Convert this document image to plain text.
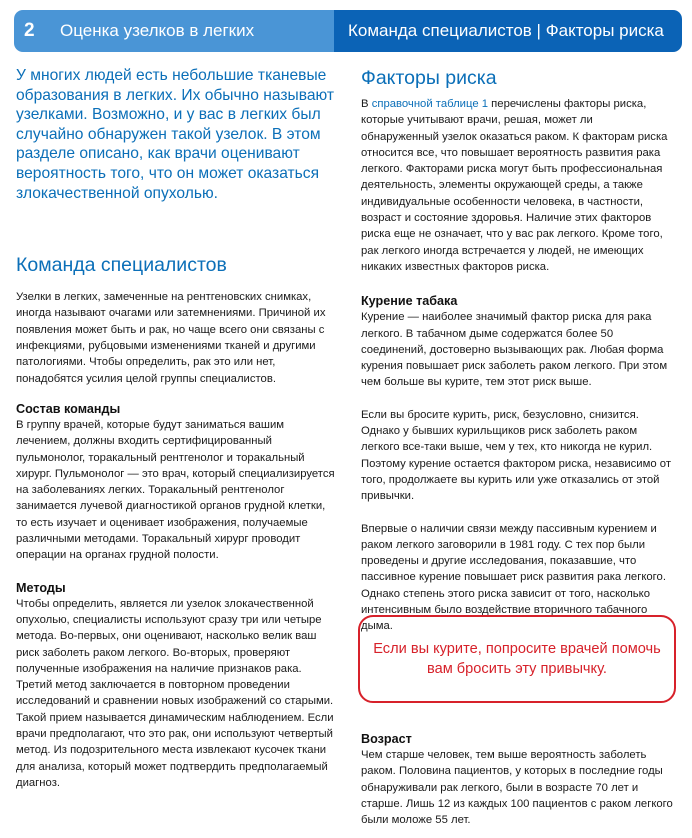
2	Оценка узелков в легких	Команда специалистов | Факторы риска

У многих людей есть небольшие тканевые образования в легких. Их обычно называют узелками. Возможно, и у вас в легких был случайно обнаружен такой узелок. В этом разделе описано, как врачи оценивают вероятность того, что он может оказаться злокачественной опухолью.

Команда специалистов

Узелки в легких, замеченные на рентгеновских снимках, иногда называют очагами или затемнениями. Причиной их появления может быть и рак, но чаще всего они связаны с инфекциями, рубцовыми изменениями тканей и другими патологиями. Чтобы определить, рак это или нет, понадобятся усилия целой группы специалистов.

Состав команды

В группу врачей, которые будут заниматься вашим лечением, должны входить сертифицированный пульмонолог, торакальный рентгенолог и торакальный хирург. Пульмонолог — это врач, который специализируется на заболеваниях легких. Торакальный рентгенолог занимается лучевой диагностикой органов грудной клетки, то есть изучает и оценивает изображения, получаемые различными методами. Торакальный хирург проводит операции на органах грудной полости.

Методы

Чтобы определить, является ли узелок злокачественной опухолью, специалисты используют сразу три или четыре метода. Во-первых, они оценивают, насколько велик ваш риск заболеть раком легкого. Во-вторых, проверяют полученные изображения на наличие признаков рака. Третий метод заключается в повторном проведении исследований и сравнении новых изображений со старыми. Такой прием называется динамическим наблюдением. Если врачи предполагают, что это рак, они используют четвертый метод. Из подозрительного места извлекают кусочек ткани для анализа, который может подтвердить предполагаемый диагноз.

Факторы риска

В справочной таблице 1 перечислены факторы риска, которые учитывают врачи, решая, может ли обнаруженный узелок оказаться раком. К факторам риска относится все, что повышает вероятность развития рака легкого. Факторами риска могут быть профессиональная деятельность, элементы окружающей среды, а также индивидуальные особенности человека, в частности, возраст и состояние здоровья. Наличие этих факторов риска еще не означает, что у вас рак легкого. Кроме того, рак легкого иногда встречается у людей, не имеющих никаких известных факторов риска.

Курение табака

Курение — наиболее значимый фактор риска для рака легкого. В табачном дыме содержатся более 50 соединений, достоверно вызывающих рак. Любая форма курения повышает риск заболеть раком легкого. При этом чем больше вы курите, тем этот риск выше.

Если вы бросите курить, риск, безусловно, снизится. Однако у бывших курильщиков риск заболеть раком легкого все-таки выше, чем у тех, кто никогда не курил. Поэтому курение остается фактором риска, независимо от того, продолжаете вы курить или уже отказались от этой привычки.

Впервые о наличии связи между пассивным курением и раком легкого заговорили в 1981 году. С тех пор были проведены и другие исследования, показавшие, что пассивное курение повышает риск развития рака легкого. Однако степень этого риска зависит от того, насколько интенсивным было воздействие вторичного табачного дыма.

Если вы курите, попросите врачей помочь вам бросить эту привычку.
Возраст

Чем старше человек, тем выше вероятность заболеть раком. Половина пациентов, у которых в последние годы обнаруживали рак легкого, были в возрасте 70 лет и старше. Лишь 12 из каждых 100 пациентов с раком легкого были моложе 55 лет.
